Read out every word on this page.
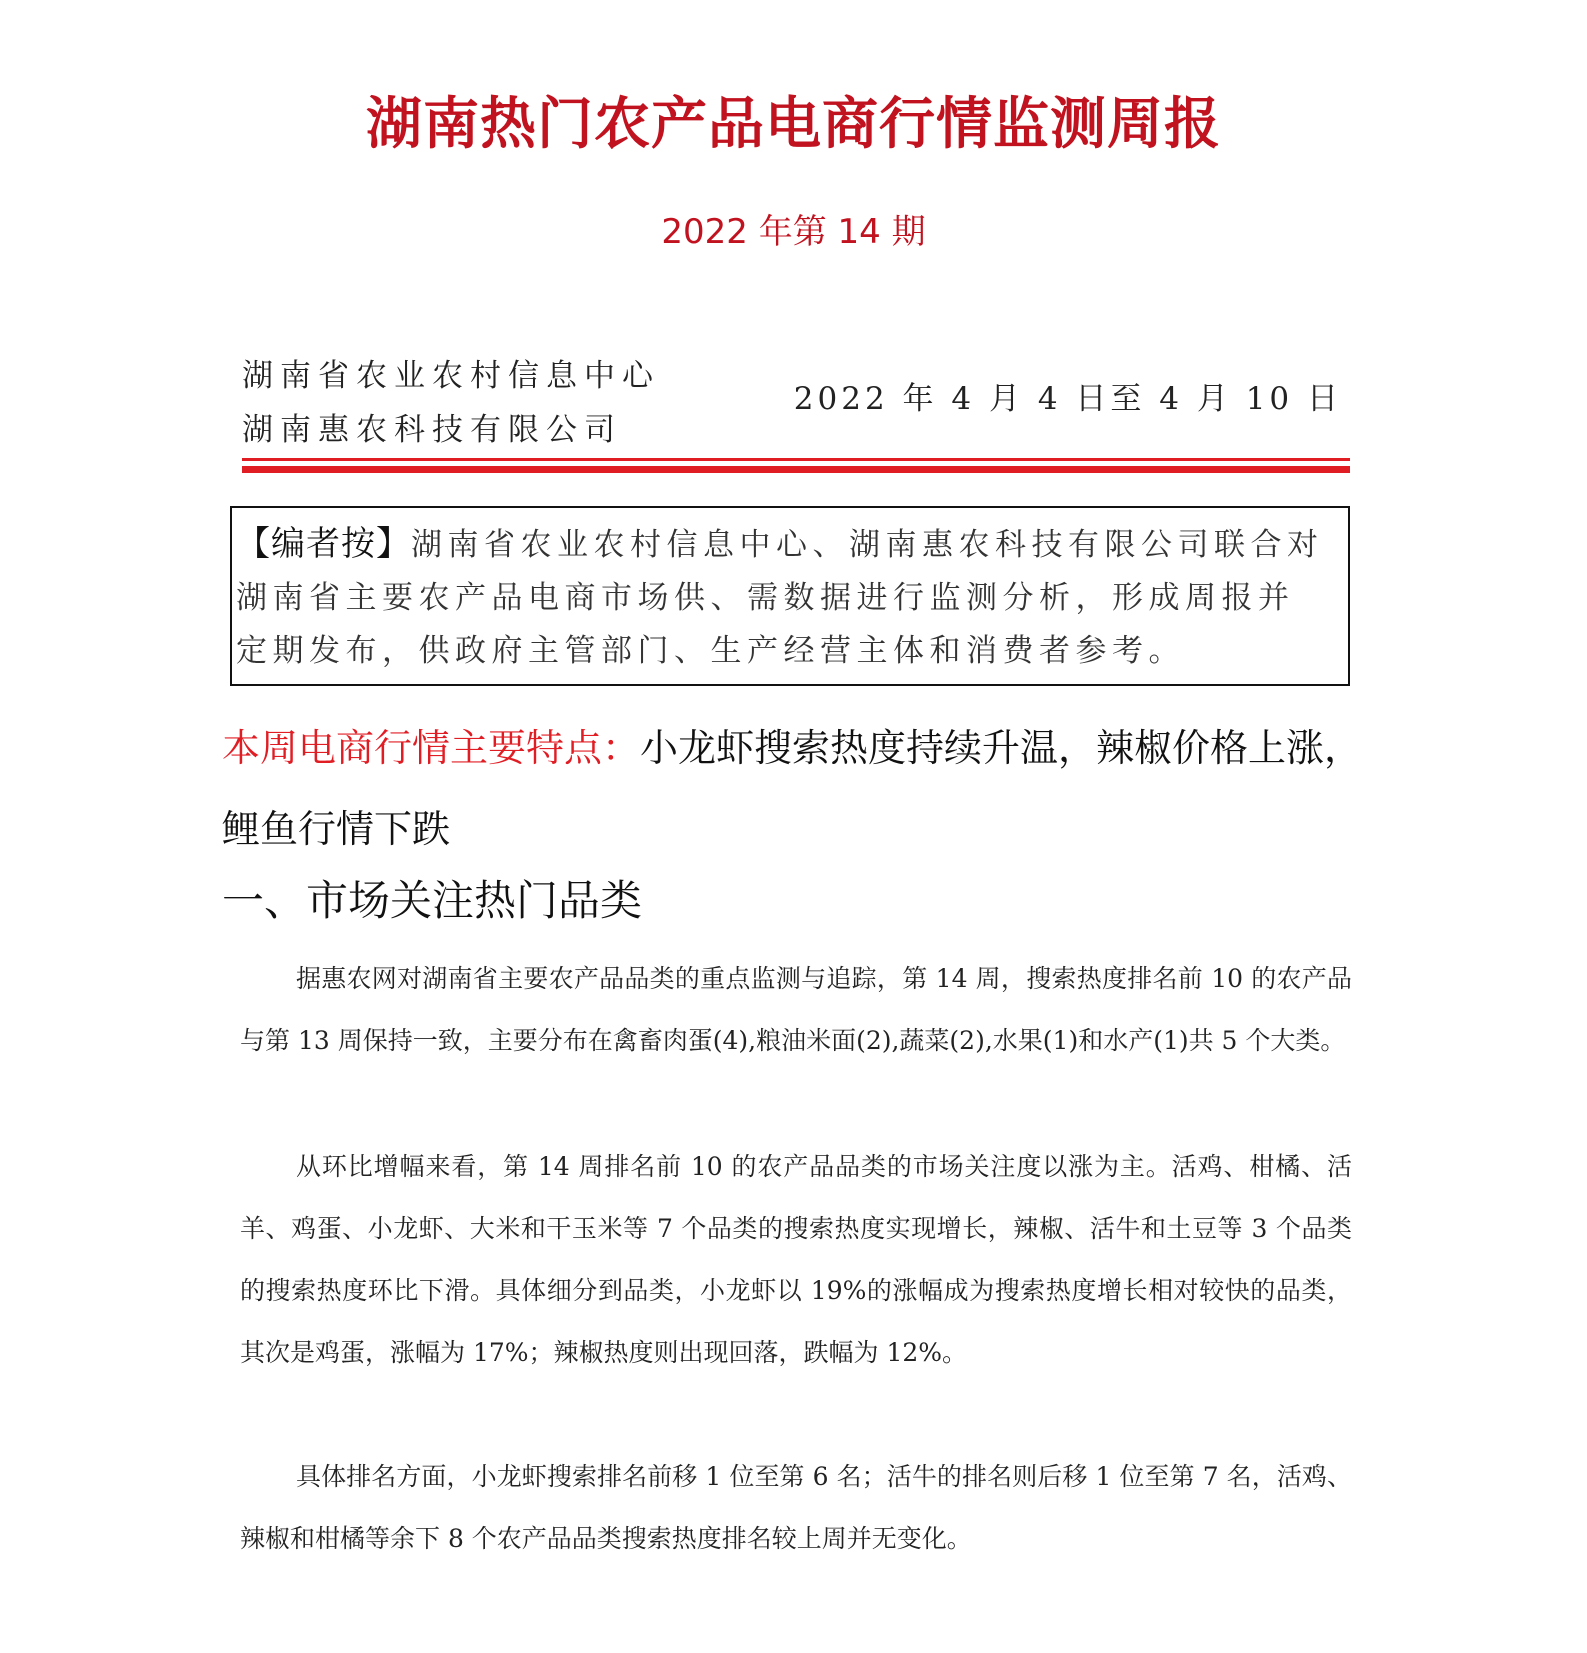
湖南热门农产品电商行情监测周报
2022 年第 14 期
湖南省农业农村信息中心
湖南惠农科技有限公司
2022 年 4 月 4 日至 4 月 10 日
【编者按】湖南省农业农村信息中心、湖南惠农科技有限公司联合对湖南省主要农产品电商市场供、需数据进行监测分析，形成周报并定期发布，供政府主管部门、生产经营主体和消费者参考。

本周电商行情主要特点：小龙虾搜索热度持续升温，辣椒价格上涨，鲤鱼行情下跌

一、市场关注热门品类

据惠农网对湖南省主要农产品品类的重点监测与追踪，第 14 周，搜索热度排名前 10 的农产品与第 13 周保持一致，主要分布在禽畜肉蛋(4),粮油米面(2),蔬菜(2),水果(1)和水产(1)共 5 个大类。

从环比增幅来看，第 14 周排名前 10 的农产品品类的市场关注度以涨为主。活鸡、柑橘、活羊、鸡蛋、小龙虾、大米和干玉米等 7 个品类的搜索热度实现增长，辣椒、活牛和土豆等 3 个品类的搜索热度环比下滑。具体细分到品类，小龙虾以 19%的涨幅成为搜索热度增长相对较快的品类，其次是鸡蛋，涨幅为 17%；辣椒热度则出现回落，跌幅为 12%。

具体排名方面，小龙虾搜索排名前移 1 位至第 6 名；活牛的排名则后移 1 位至第 7 名，活鸡、辣椒和柑橘等余下 8 个农产品品类搜索热度排名较上周并无变化。
